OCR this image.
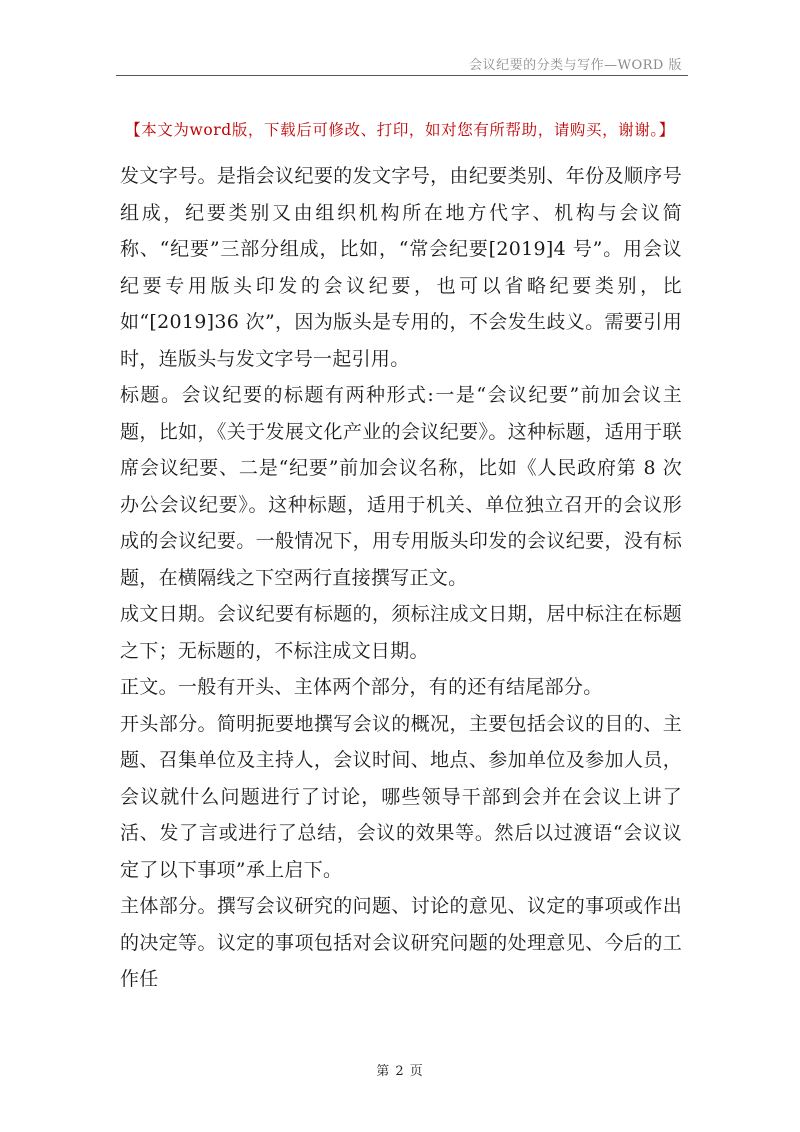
会议纪要的分类与写作—WORD 版
【本文为word版，下载后可修改、打印，如对您有所帮助，请购买，谢谢。】

发文字号。是指会议纪要的发文字号，由纪要类别、年份及顺序号组成，纪要类别又由组织机构所在地方代字、机构与会议简称、“纪要”三部分组成，比如，“常会纪要[2019]4 号”。用会议纪要专用版头印发的会议纪要，也可以省略纪要类别，比如“[2019]36 次”，因为版头是专用的，不会发生歧义。需要引用时，连版头与发文字号一起引用。

标题。会议纪要的标题有两种形式:一是“会议纪要”前加会议主题，比如，《关于发展文化产业的会议纪要》。这种标题，适用于联席会议纪要、二是“纪要”前加会议名称，比如《人民政府第 8 次办公会议纪要》。这种标题，适用于机关、单位独立召开的会议形成的会议纪要。一般情况下，用专用版头印发的会议纪要，没有标题，在横隔线之下空两行直接撰写正文。

成文日期。会议纪要有标题的，须标注成文日期，居中标注在标题之下；无标题的，不标注成文日期。

正文。一般有开头、主体两个部分，有的还有结尾部分。

开头部分。简明扼要地撰写会议的概况，主要包括会议的目的、主题、召集单位及主持人，会议时间、地点、参加单位及参加人员，会议就什么问题进行了讨论，哪些领导干部到会并在会议上讲了活、发了言或进行了总结，会议的效果等。然后以过渡语“会议议定了以下事项”承上启下。

主体部分。撰写会议研究的问题、讨论的意见、议定的事项或作出的决定等。议定的事项包括对会议研究问题的处理意见、今后的工作任

第 2 页
